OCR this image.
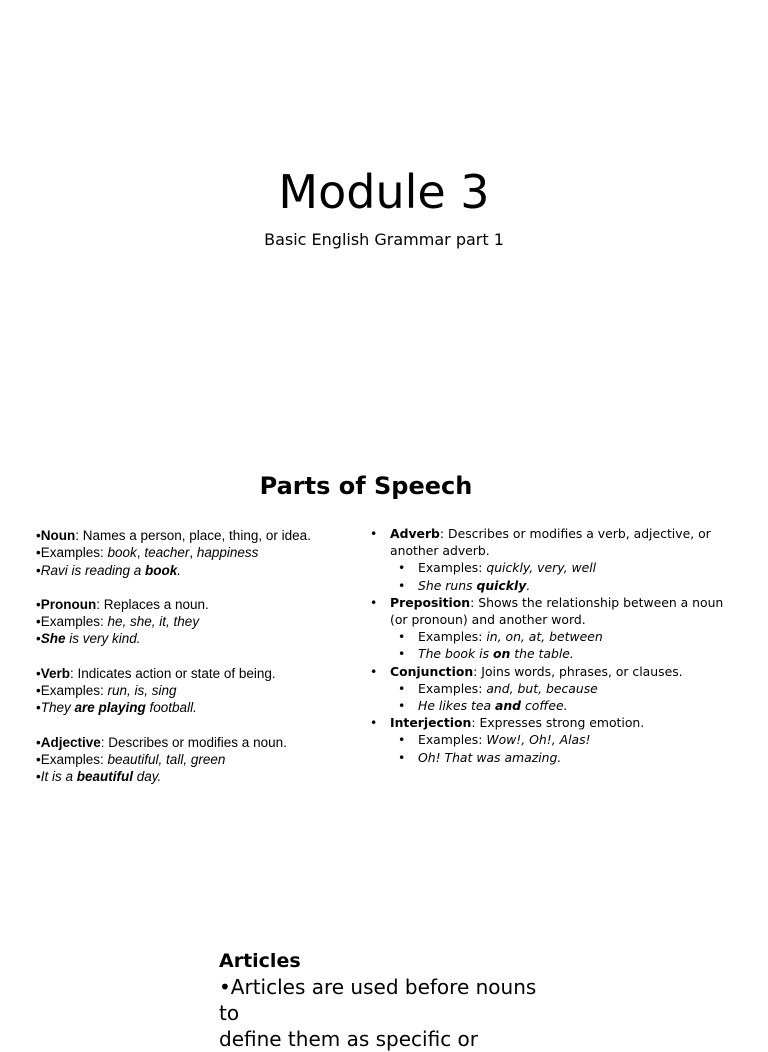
Module 3
Basic English Grammar part 1
Parts of Speech
•Noun: Names a person, place, thing, or idea.
•Examples: book, teacher, happiness
•Ravi is reading a book.
•Pronoun: Replaces a noun.
•Examples: he, she, it, they
•She is very kind.
•Verb: Indicates action or state of being.
•Examples: run, is, sing
•They are playing football.
•Adjective: Describes or modifies a noun.
•Examples: beautiful, tall, green
•It is a beautiful day.
• Adverb: Describes or modifies a verb, adjective, or another adverb.
• Examples: quickly, very, well
• She runs quickly.
• Preposition: Shows the relationship between a noun (or pronoun) and another word.
• Examples: in, on, at, between
• The book is on the table.
• Conjunction: Joins words, phrases, or clauses.
• Examples: and, but, because
• He likes tea and coffee.
• Interjection: Expresses strong emotion.
• Examples: Wow!, Oh!, Alas!
• Oh! That was amazing.
Articles
•Articles are used before nouns to
define them as specific or
